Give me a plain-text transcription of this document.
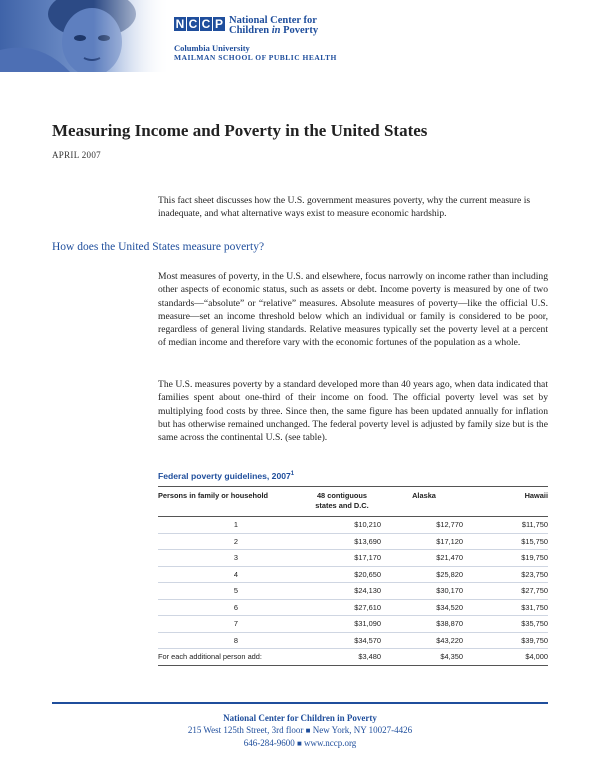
N C C P National Center for
Children in Poverty
Columbia University
MAILMAN SCHOOL OF PUBLIC HEALTH
Measuring Income and Poverty in the United States
APRIL 2007

This fact sheet discusses how the U.S. government measures poverty, why the current measure is inadequate, and what alternative ways exist to measure economic hardship.

How does the United States measure poverty?

Most measures of poverty, in the U.S. and elsewhere, focus narrowly on income rather than including other aspects of economic status, such as assets or debt. Income poverty is measured by one of two standards—“absolute” or “relative” measures. Absolute measures of poverty—like the official U.S. measure—set an income threshold below which an individual or family is considered to be poor, regardless of general living standards. Relative measures typically set the poverty level at a percent of median income and therefore vary with the economic fortunes of the population as a whole.

The U.S. measures poverty by a standard developed more than 40 years ago, when data indicated that families spent about one-third of their income on food. The official poverty level was set by multiplying food costs by three. Since then, the same figure has been updated annually for inflation but has otherwise remained unchanged. The federal poverty level is adjusted by family size but is the same across the continental U.S. (see table).

Federal poverty guidelines, 2007$^1$
Persons in family or household	48 contiguous
states and D.C.	Alaska	Hawaii
1	$10,210	$12,770	$11,750
2	$13,690	$17,120	$15,750
3	$17,170	$21,470	$19,750
4	$20,650	$25,820	$23,750
5	$24,130	$30,170	$27,750
6	$27,610	$34,520	$31,750
7	$31,090	$38,870	$35,750
8	$34,570	$43,220	$39,750
For each additional person add:	$3,480	$4,350	$4,000
National Center for Children in Poverty
215 West 125th Street, 3rd floor ■ New York, NY 10027-4426
646-284-9600 ■ www.nccp.org
